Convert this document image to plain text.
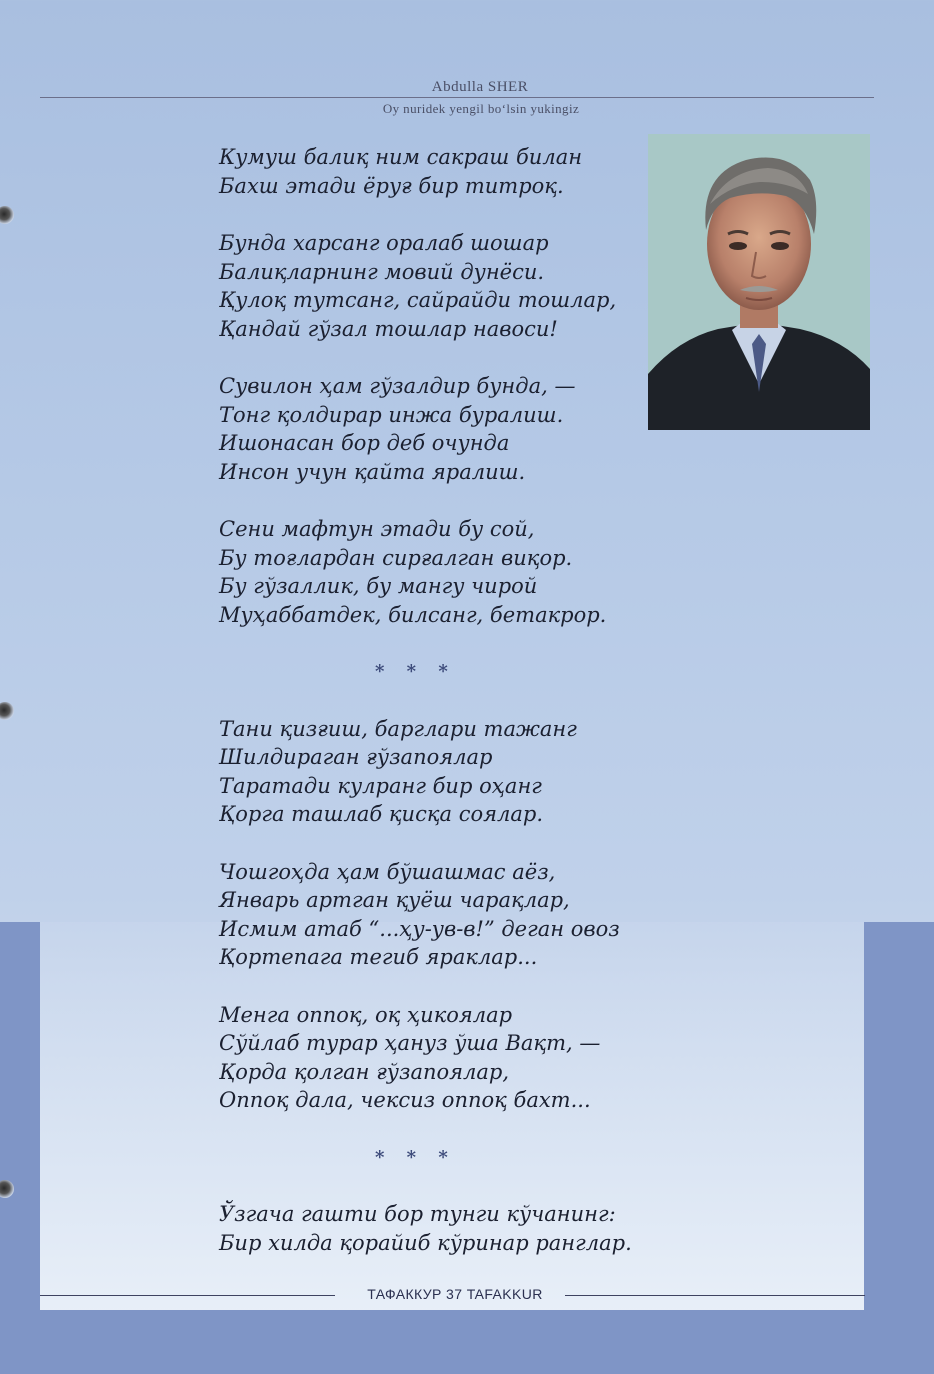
Abdulla SHER
Oy nuridek yengil bo‘lsin yukingiz
Кумуш балиқ ним сакраш билан
Бахш этади ёруғ бир титроқ.
Бунда харсанг оралаб шошар
Балиқларнинг мовий дунёси.
Қулоқ тутсанг, сайрайди тошлар,
Қандай гўзал тошлар навоси!
Сувилон ҳам гўзалдир бунда, —
Тонг қолдирар инжа буралиш.
Ишонасан бор деб очунда
Инсон учун қайта яралиш.
Сени мафтун этади бу сой,
Бу тоғлардан сирғалган виқор.
Бу гўзаллик, бу мангу чирой
Муҳаббатдек, билсанг, бетакрор.
* * *
Тани қизғиш, барглари тажанг
Шилдираган ғўзапоялар
Таратади кулранг бир оҳанг
Қорга ташлаб қисқа соялар.
Чошгоҳда ҳам бўшашмас аёз,
Январь артган қуёш чарақлар,
Исмим атаб “...ҳу-ув-в!” деган овоз
Қортепага тегиб яраклар...
Менга оппоқ, оқ ҳикоялар
Сўйлаб турар ҳануз ўша Вақт, —
Қорда қолган ғўзапоялар,
Оппоқ дала, чексиз оппоқ бахт...
* * *
Ўзгача гашти бор тунги кўчанинг:
Бир хилда қорайиб кўринар ранглар.
ТАФАККУР 37 TAFAKKUR
